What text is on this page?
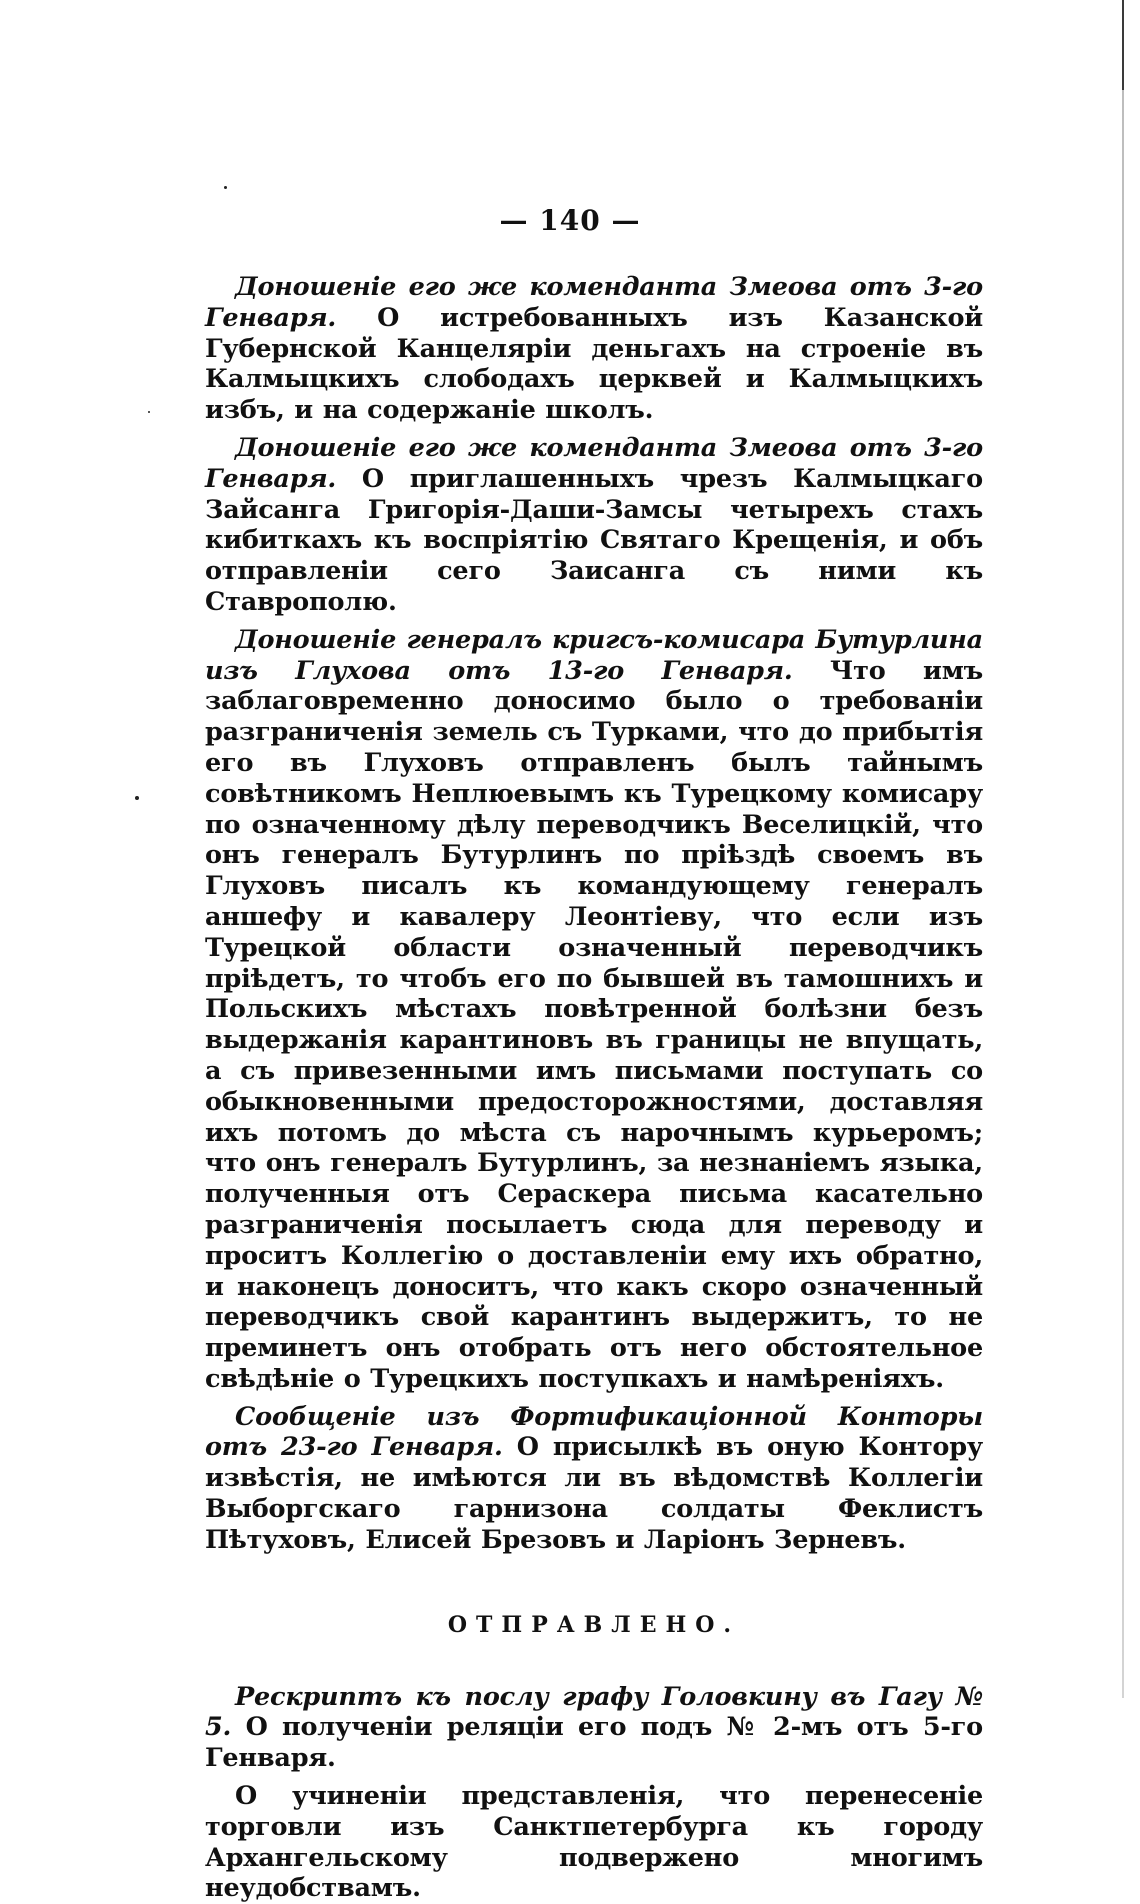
— 140 —

Доношеніе его же коменданта Змеова отъ 3-го Генваря. О истребованныхъ изъ Казанской Губернской Канцеляріи деньгахъ на строеніе въ Калмыцкихъ слободахъ церквей и Калмыцкихъ избъ, и на содержаніе школъ.

Доношеніе его же коменданта Змеова отъ 3-го Генваря. О приглашенныхъ чрезъ Калмыцкаго Зайсанга Григорія-Даши-Замсы четырехъ стахъ кибиткахъ къ воспріятію Святаго Крещенія, и объ отправленіи сего Заисанга съ ними къ Ставрополю.

Доношеніе генералъ кригсъ-комисара Бутурлина изъ Глухова отъ 13-го Генваря. Что имъ заблаговременно доносимо было о требованіи разграниченія земель съ Турками, что до прибытія его въ Глуховъ отправленъ былъ тайнымъ совѣтникомъ Неплюевымъ къ Турецкому комисару по означенному дѣлу переводчикъ Веселицкій, что онъ генералъ Бутурлинъ по пріѣздѣ своемъ въ Глуховъ писалъ къ командующему генералъ аншефу и кавалеру Леонтіеву, что если изъ Турецкой области означенный переводчикъ пріѣдетъ, то чтобъ его по бывшей въ тамошнихъ и Польскихъ мѣстахъ повѣтренной болѣзни безъ выдержанія карантиновъ въ границы не впущать, а съ привезенными имъ письмами поступать со обыкновенными предосторожностями, доставляя ихъ потомъ до мѣста съ нарочнымъ курьеромъ; что онъ генералъ Бутурлинъ, за незнаніемъ языка, полученныя отъ Сераскера письма касательно разграниченія посылаетъ сюда для переводу и проситъ Коллегію о доставленіи ему ихъ обратно, и наконецъ доноситъ, что какъ скоро означенный переводчикъ свой карантинъ выдержитъ, то не преминетъ онъ отобрать отъ него обстоятельное свѣдѣніе о Турецкихъ поступкахъ и намѣреніяхъ.

Сообщеніе изъ Фортификаціонной Конторы отъ 23-го Генваря. О присылкѣ въ оную Контору извѣстія, не имѣются ли въ вѣдомствѣ Коллегіи Выборгскаго гарнизона солдаты Феклистъ Пѣтуховъ, Елисей Брезовъ и Ларіонъ Зерневъ.

ОТПРАВЛЕНО.

Рескриптъ къ послу графу Головкину въ Гагу № 5. О полученіи реляціи его подъ № 2-мъ отъ 5-го Генваря.

О учиненіи представленія, что перенесеніе торговли изъ Санктпетербурга къ городу Архангельскому подвержено многимъ неудобствамъ.
